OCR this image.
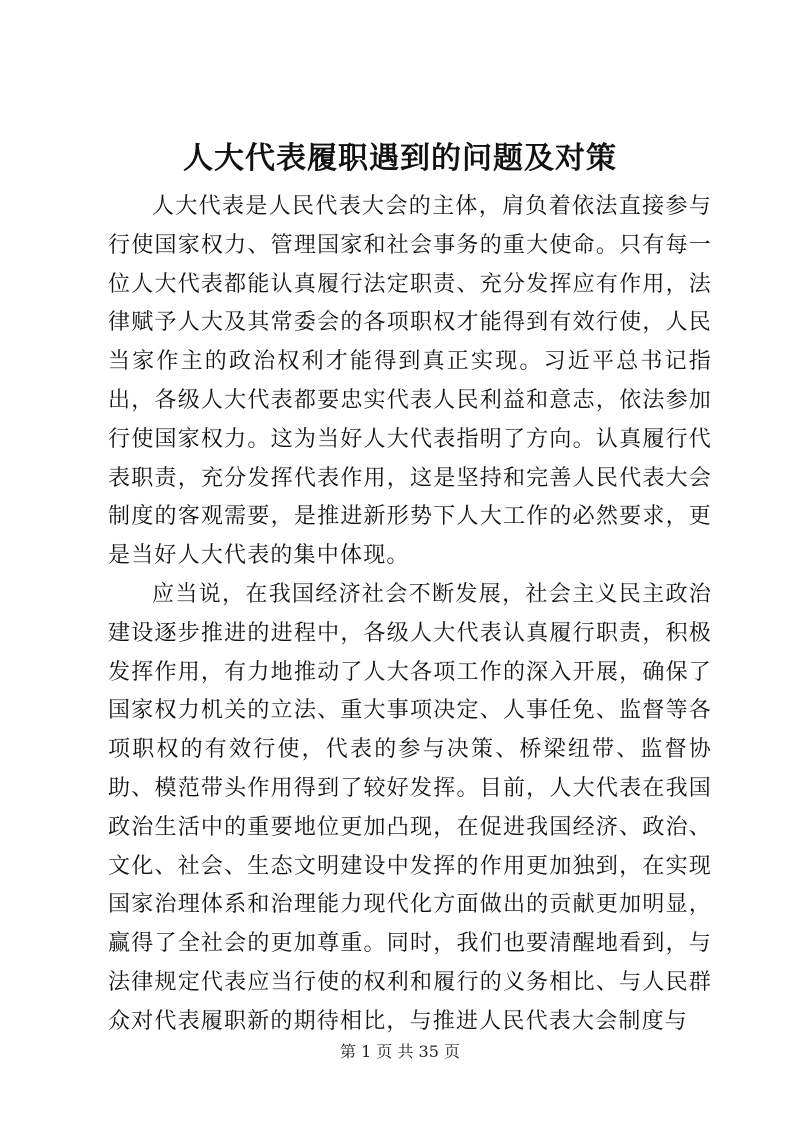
人大代表履职遇到的问题及对策

人大代表是人民代表大会的主体，肩负着依法直接参与行使国家权力、管理国家和社会事务的重大使命。只有每一位人大代表都能认真履行法定职责、充分发挥应有作用，法律赋予人大及其常委会的各项职权才能得到有效行使，人民当家作主的政治权利才能得到真正实现。习近平总书记指出，各级人大代表都要忠实代表人民利益和意志，依法参加行使国家权力。这为当好人大代表指明了方向。认真履行代表职责，充分发挥代表作用，这是坚持和完善人民代表大会制度的客观需要，是推进新形势下人大工作的必然要求，更是当好人大代表的集中体现。

应当说，在我国经济社会不断发展，社会主义民主政治建设逐步推进的进程中，各级人大代表认真履行职责，积极发挥作用，有力地推动了人大各项工作的深入开展，确保了国家权力机关的立法、重大事项决定、人事任免、监督等各项职权的有效行使，代表的参与决策、桥梁纽带、监督协助、模范带头作用得到了较好发挥。目前，人大代表在我国政治生活中的重要地位更加凸现，在促进我国经济、政治、文化、社会、生态文明建设中发挥的作用更加独到，在实现国家治理体系和治理能力现代化方面做出的贡献更加明显，赢得了全社会的更加尊重。同时，我们也要清醒地看到，与法律规定代表应当行使的权利和履行的义务相比、与人民群众对代表履职新的期待相比，与推进人民代表大会制度与

第 1 页 共 35 页
